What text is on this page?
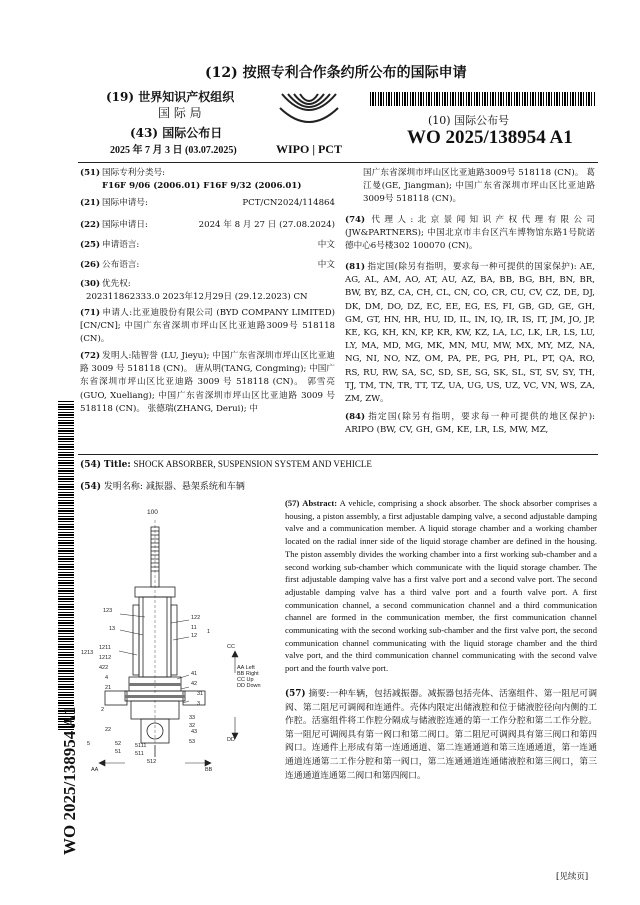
(12) 按照专利合作条约所公布的国际申请
(19) 世界知识产权组织
国 际 局
(43) 国际公布日
2025 年 7 月 3 日 (03.07.2025)	WIPO | PCT
(10) 国际公布号
WO 2025/138954 A1
(51) 国际专利分类号:
F16F 9/06 (2006.01) F16F 9/32 (2006.01)
(21) 国际申请号:	PCT/CN2024/114864
(22) 国际申请日:	2024 年 8 月 27 日 (27.08.2024)
(25) 申请语言:	中文
(26) 公布语言:	中文
(30) 优先权:
202311862333.0 2023年12月29日 (29.12.2023) CN

(71) 申请人:比亚迪股份有限公司 (BYD COMPANY LIMITED) [CN/CN]; 中国广东省深圳市坪山区比亚迪路3009号 518118 (CN)。

(72) 发明人:陆智誉 (LU, Jieyu); 中国广东省深圳市坪山区比亚迪路 3009 号 518118 (CN)。 唐从明(TANG, Congming); 中国广东省深圳市坪山区比亚迪路 3009 号 518118 (CN)。 郭雪亮 (GUO, Xueliang); 中国广东省深圳市坪山区比亚迪路 3009 号 518118 (CN)。 张德瑞(ZHANG, Derui); 中

国广东省深圳市坪山区比亚迪路3009号 518118 (CN)。 葛江曼(GE, Jiangman); 中国广东省深圳市坪山区比亚迪路3009号 518118 (CN)。

(74) 代理人:北京景闻知识产权代理有限公司 (JW&PARTNERS); 中国北京市丰台区汽车博物馆东路1号院诺德中心6号楼302 100070 (CN)。

(81) 指定国(除另有指明，要求每一种可提供的国家保护): AE, AG, AL, AM, AO, AT, AU, AZ, BA, BB, BG, BH, BN, BR, BW, BY, BZ, CA, CH, CL, CN, CO, CR, CU, CV, CZ, DE, DJ, DK, DM, DO, DZ, EC, EE, EG, ES, FI, GB, GD, GE, GH, GM, GT, HN, HR, HU, ID, IL, IN, IQ, IR, IS, IT, JM, JO, JP, KE, KG, KH, KN, KP, KR, KW, KZ, LA, LC, LK, LR, LS, LU, LY, MA, MD, MG, MK, MN, MU, MW, MX, MY, MZ, NA, NG, NI, NO, NZ, OM, PA, PE, PG, PH, PL, PT, QA, RO, RS, RU, RW, SA, SC, SD, SE, SG, SK, SL, ST, SV, SY, TH, TJ, TM, TN, TR, TT, TZ, UA, UG, US, UZ, VC, VN, WS, ZA, ZM, ZW。

(84) 指定国(除另有指明，要求每一种可提供的地区保护): ARIPO (BW, CV, GH, GM, KE, LR, LS, MW, MZ,

(54) Title: SHOCK ABSORBER, SUSPENSION SYSTEM AND VEHICLE
(54) 发明名称: 减振器、悬架系统和车辆
WO 2025/138954 A1
100
123
13
1211
1212
1213
422
4
21
2
22
5	52
51	511
512
122
11
12
1
41
42
43
31
3
32
33
53
5111
CC
DD
AA	BB
AA Left
BB Right
CC Up
DD Down

(57) Abstract: A vehicle, comprising a shock absorber. The shock absorber comprises a housing, a piston assembly, a first adjustable damping valve, a second adjustable damping valve and a communication member. A liquid storage chamber and a working chamber located on the radial inner side of the liquid storage chamber are defined in the housing. The piston assembly divides the working chamber into a first working sub-chamber and a second working sub-chamber which communicate with the liquid storage chamber. The first adjustable damping valve has a first valve port and a second valve port. The second adjustable damping valve has a third valve port and a fourth valve port. A first communication channel, a second communication channel and a third communication channel are formed in the communication member, the first communication channel communicating with the second working sub-chamber and the first valve port, the second communication channel communicating with the liquid storage chamber and the third valve port, and the third communication channel communicating with the second valve port and the fourth valve port.

(57) 摘要:一种车辆，包括减振器。减振器包括壳体、活塞组件、第一阻尼可调阀、第二阻尼可调阀和连通件。壳体内限定出储液腔和位于储液腔径向内侧的工作腔。活塞组件将工作腔分隔成与储液腔连通的第一工作分腔和第二工作分腔。第一阻尼可调阀具有第一阀口和第二阀口。第二阻尼可调阀具有第三阀口和第四阀口。连通件上形成有第一连通通道、第二连通通道和第三连通通道，第一连通通道连通第二工作分腔和第一阀口，第二连通通道连通储液腔和第三阀口，第三连通通道连通第二阀口和第四阀口。

[见续页]
